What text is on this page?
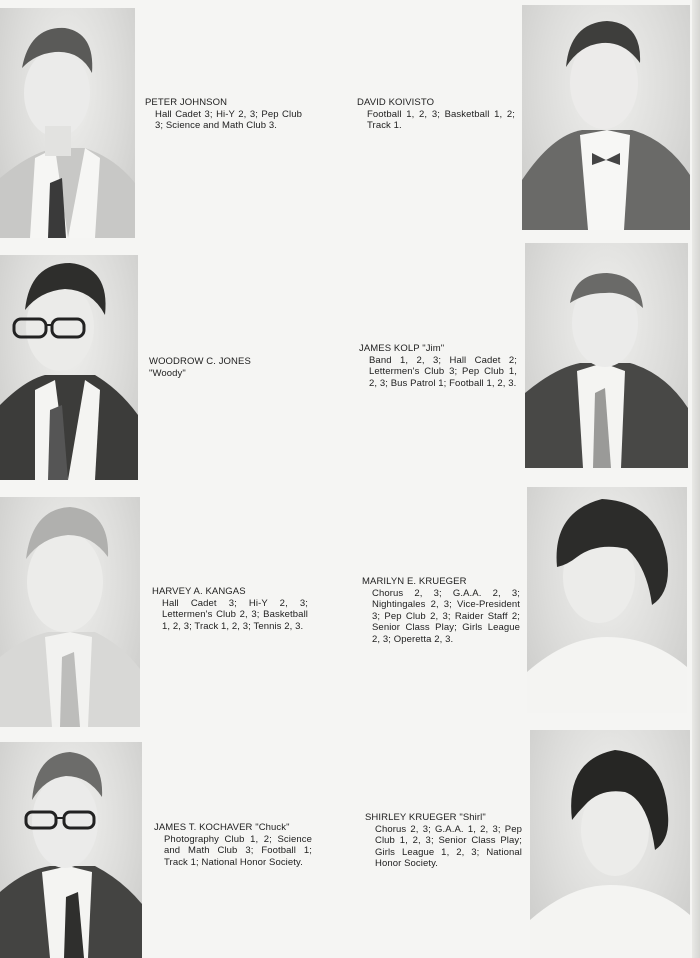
PETER JOHNSON
Hall Cadet 3; Hi-Y 2, 3; Pep Club 3; Science and Math Club 3.
DAVID KOIVISTO
Football 1, 2, 3; Basketball 1, 2; Track 1.
WOODROW C. JONES
"Woody"
JAMES KOLP "Jim"
Band 1, 2, 3; Hall Cadet 2; Lettermen's Club 3; Pep Club 1, 2, 3; Bus Patrol 1; Football 1, 2, 3.
HARVEY A. KANGAS
Hall Cadet 3; Hi-Y 2, 3; Lettermen's Club 2, 3; Basketball 1, 2, 3; Track 1, 2, 3; Tennis 2, 3.
MARILYN E. KRUEGER
Chorus 2, 3; G.A.A. 2, 3; Nightingales 2, 3; Vice-President 3; Pep Club 2, 3; Raider Staff 2; Senior Class Play; Girls League 2, 3; Operetta 2, 3.
JAMES T. KOCHAVER "Chuck"
Photography Club 1, 2; Science and Math Club 3; Football 1; Track 1; National Honor Society.
SHIRLEY KRUEGER "Shirl"
Chorus 2, 3; G.A.A. 1, 2, 3; Pep Club 1, 2, 3; Senior Class Play; Girls League 1, 2, 3; National Honor Society.
